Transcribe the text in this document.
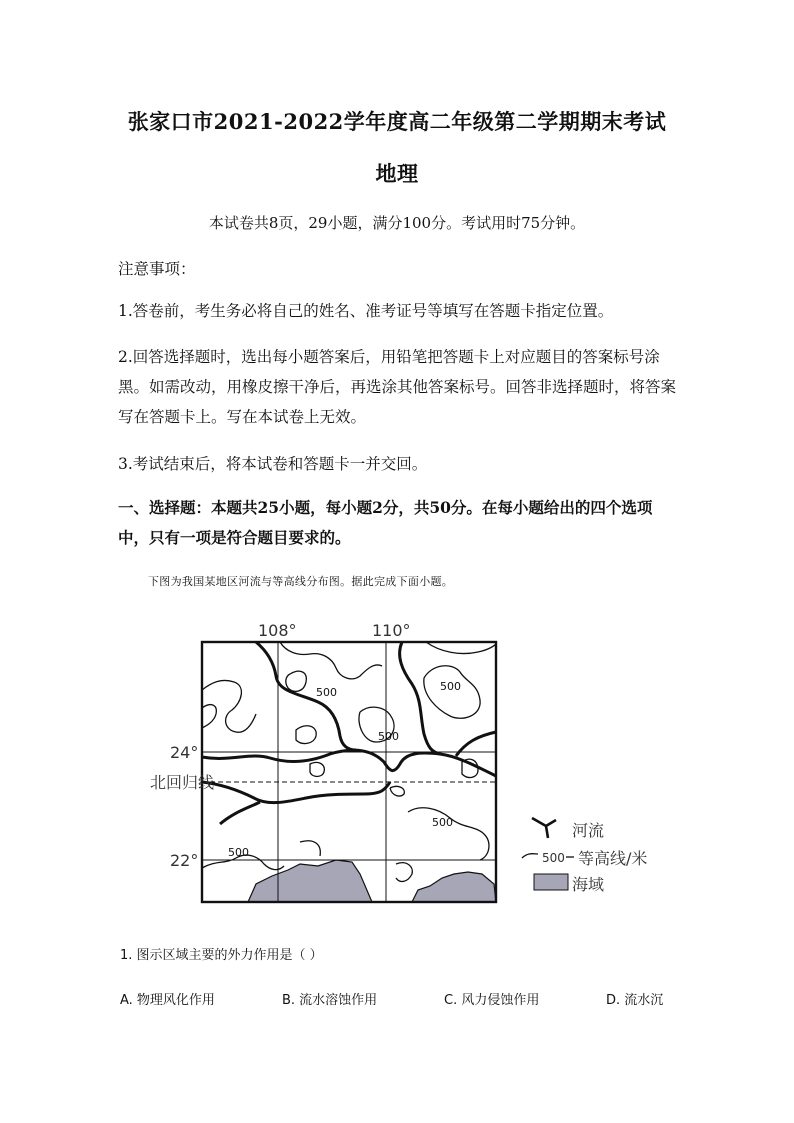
张家口市2021-2022学年度高二年级第二学期期末考试
地理
本试卷共8页，29小题，满分100分。考试用时75分钟。
注意事项：
1.答卷前，考生务必将自己的姓名、准考证号等填写在答题卡指定位置。
2.回答选择题时，选出每小题答案后，用铅笔把答题卡上对应题目的答案标号涂黑。如需改动，用橡皮擦干净后，再选涂其他答案标号。回答非选择题时，将答案写在答题卡上。写在本试卷上无效。
3.考试结束后，将本试卷和答题卡一并交回。
一、选择题：本题共25小题，每小题2分，共50分。在每小题给出的四个选项中，只有一项是符合题目要求的。
下图为我国某地区河流与等高线分布图。据此完成下面小题。
500	500
500
500
500
108°	110°
24°
北回归线
22°
河流
500 等高线/米
海域
1. 图示区域主要的外力作用是（ ）
A. 物理风化作用	B. 流水溶蚀作用	C. 风力侵蚀作用	D. 流水沉
